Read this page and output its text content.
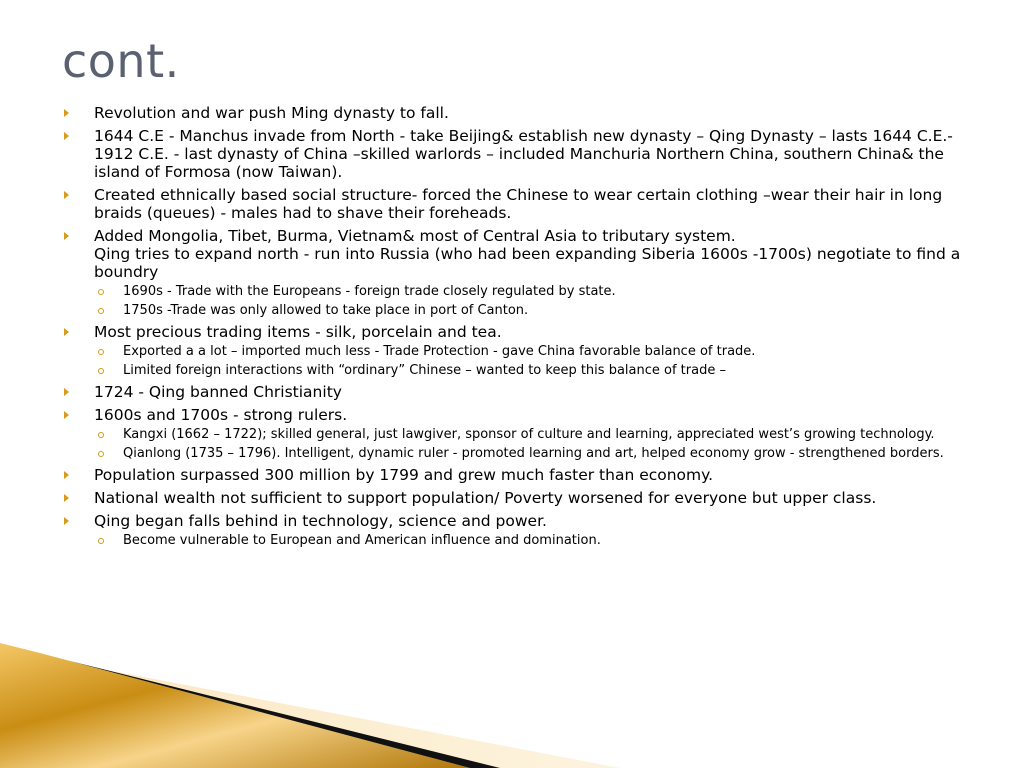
cont.
Revolution and war push Ming dynasty to fall.
1644 C.E - Manchus invade from North - take Beijing& establish new dynasty – Qing Dynasty – lasts 1644 C.E.- 1912 C.E. - last dynasty of China –skilled warlords – included Manchuria Northern China, southern China& the island of Formosa (now Taiwan).
Created ethnically based social structure- forced the Chinese to wear certain clothing –wear their hair in long braids (queues) - males had to shave their foreheads.
Added Mongolia, Tibet, Burma, Vietnam& most of Central Asia to tributary system.
Qing tries to expand north - run into Russia (who had been expanding Siberia 1600s -1700s) negotiate to find a boundry
1690s - Trade with the Europeans - foreign trade closely regulated by state.
1750s -Trade was only allowed to take place in port of Canton.
Most precious trading items - silk, porcelain and tea.
Exported a a lot – imported much less - Trade Protection - gave China favorable balance of trade.
Limited foreign interactions with “ordinary” Chinese – wanted to keep this balance of trade –
1724 - Qing banned Christianity
1600s and 1700s - strong rulers.
Kangxi (1662 – 1722); skilled general, just lawgiver, sponsor of culture and learning, appreciated west’s growing technology.
Qianlong (1735 – 1796). Intelligent, dynamic ruler - promoted learning and art, helped economy grow - strengthened borders.
Population surpassed 300 million by 1799 and grew much faster than economy.
National wealth not sufficient to support population/ Poverty worsened for everyone but upper class.
Qing began falls behind in technology, science and power.
Become vulnerable to European and American influence and domination.
